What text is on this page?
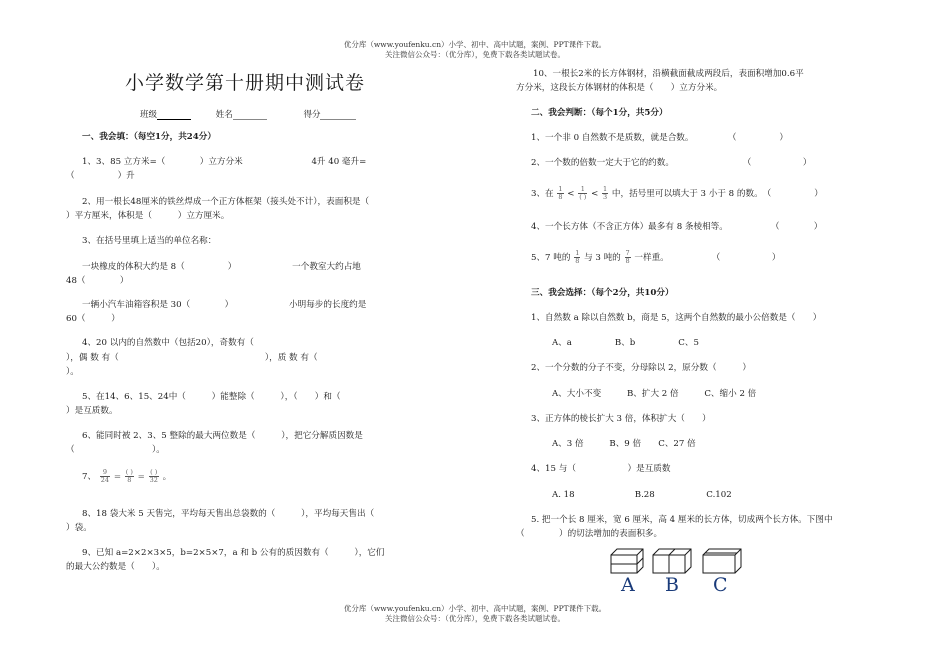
优分库（www.youfenku.cn）小学、初中、高中试题，案例、PPT课件下载。
关注微信公众号：（优分库），免费下载各类试题试卷。
小学数学第十册期中测试卷
班级	姓名	得分
一、我会填：（每空1分，共24分）
1、3、85 立方米=（　　　　）立方分米　　　　　　　　4升 40 毫升=
（　　　　　）升
2、用一根长48厘米的铁丝焊成一个正方体框架（接头处不计），表面积是（
）平方厘米，体积是（　　　）立方厘米。
3、在括号里填上适当的单位名称：
一块橡皮的体积大约是 8（　　　　　）　　　　　　　一个教室大约占地
48（　　　　）
一辆小汽车油箱容积是 30（　　　　）　　　　　　　小明每步的长度约是
60（　　　）
4、20 以内的自然数中（包括20），奇数有（
），偶 数 有（　　　　　　　　　　　　　　　　　），质 数 有（
）。
5、在14、6、15、24中（　　　）能整除（　　　），（　　）和（
）是互质数。
6、能同时被 2、3、5 整除的最大两位数是（　　　），把它分解质因数是
（　　　　　　　　　）。
7、 $\frac{9}{24} = \frac{( )}{8} = \frac{( )}{32}$ 。
8、18 袋大米 5 天售完，平均每天售出总袋数的（　　　），平均每天售出（
）袋。
9、已知 a=2×2×3×5，b=2×5×7，a 和 b 公有的质因数有（　　　），它们
的最大公约数是（　　）。
10、一根长2米的长方体钢材，沿横截面截成两段后，表面积增加0.6平
方分米，这段长方体钢材的体积是（　　）立方分米。
二、我会判断：（每个1分，共5分）
1、一个非 0 自然数不是质数，就是合数。　　　　　（　　　　　）
2、一个数的倍数一定大于它的约数。　　　　　　　　　（　　　　　　）
3、在 $\frac{1}{8} < \frac{1}{( )} < \frac{1}{3}$ 中，括号里可以填大于 3 小于 8 的数。　（　　　　　）
4、一个长方体（不含正方体）最多有 8 条棱相等。　　　　　　（　　　　）
5、7 吨的 $\frac{1}{8}$ 与 3 吨的 $\frac{7}{8}$ 一样重。　　　　　　（　　　　　　）
三、我会选择：（每个2分，共10分）
1、自然数 a 除以自然数 b，商是 5，这两个自然数的最小公倍数是（　　）
A、a　　　　　B、b　　　　　C、5
2、一个分数的分子不变，分母除以 2，原分数（　　　）
A、大小不变　　　B、扩大 2 倍　　　C、缩小 2 倍
3、正方体的棱长扩大 3 倍，体积扩大（　　）
A、3 倍　　　B、9 倍　　C、27 倍
4、15 与（　　　　　　）是互质数
A. 18　　　　　　　B.28　　　　　　C.102
5. 把一个长 8 厘米，宽 6 厘米，高 4 厘米的长方体，切成两个长方体。下图中
（　　　　）的切法增加的表面积多。
A B C
优分库（www.youfenku.cn）小学、初中、高中试题，案例、PPT课件下载。
关注微信公众号：（优分库），免费下载各类试题试卷。
